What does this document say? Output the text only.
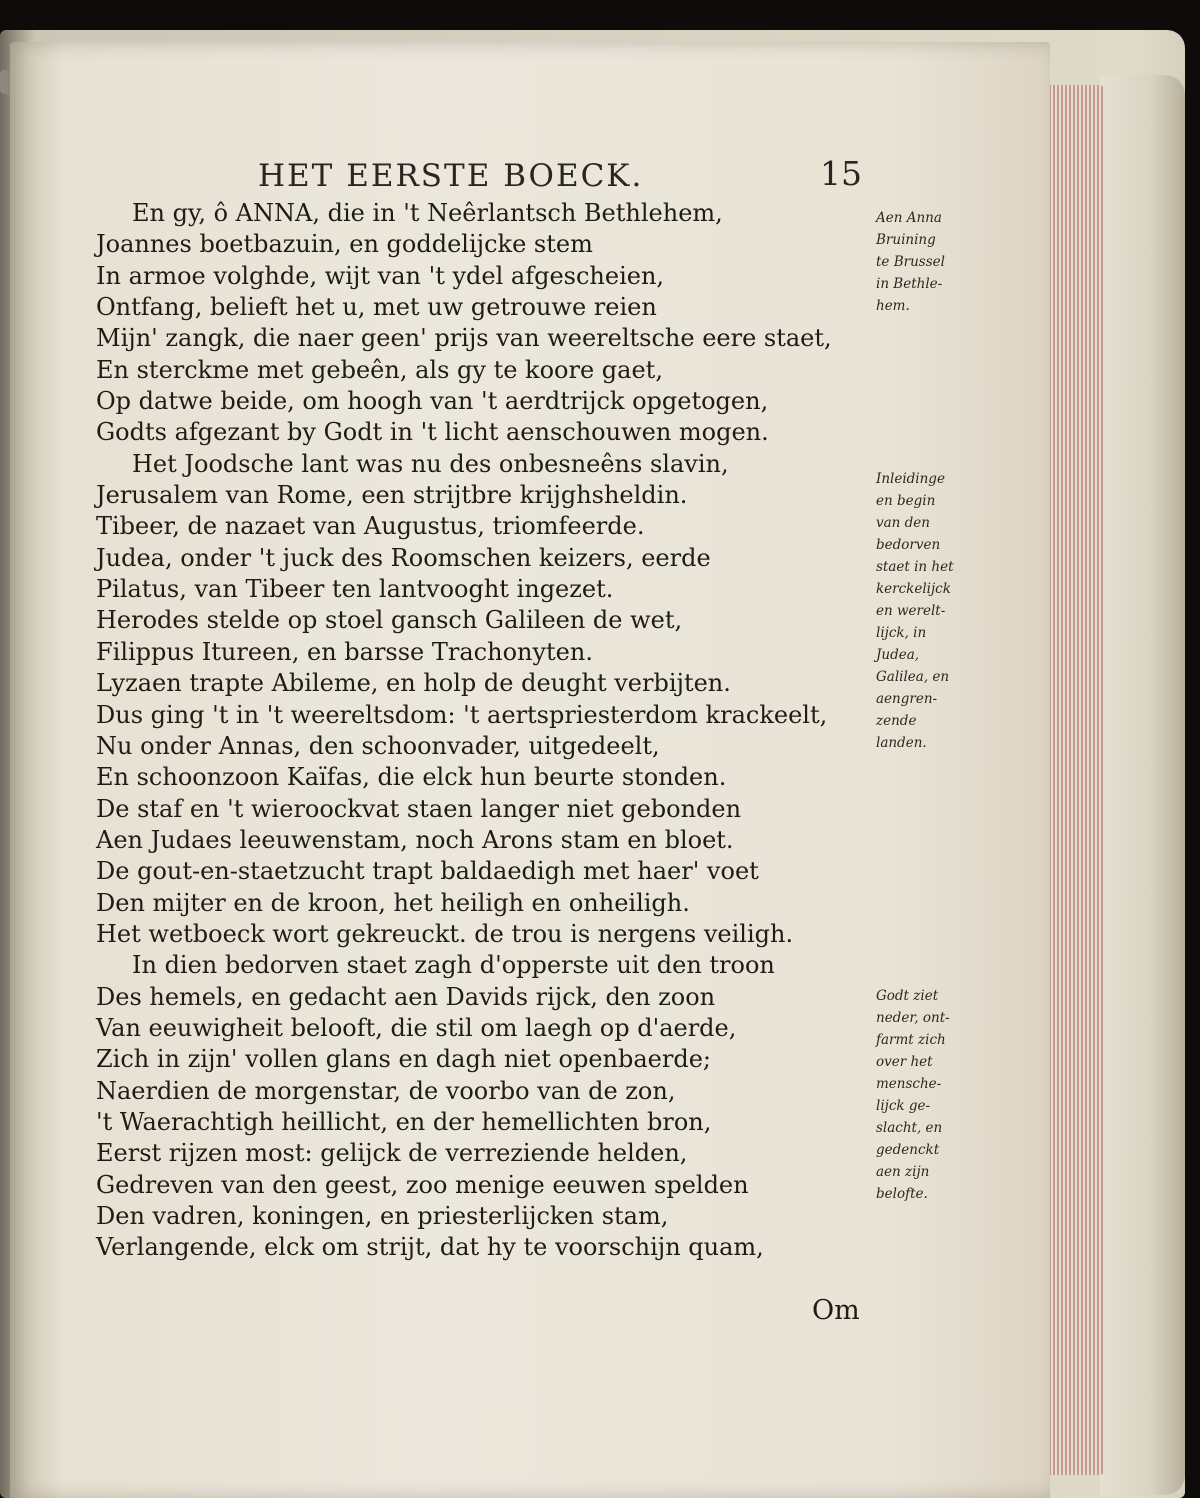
HET EERSTE BOECK.	15
En gy, ô ANNA, die in 't Neêrlantsch Bethlehem,
Joannes boetbazuin, en goddelijcke stem
In armoe volghde, wijt van 't ydel afgescheien,
Ontfang, belieft het u, met uw getrouwe reien
Mijn' zangk, die naer geen' prijs van weereltsche eere staet,
En sterckme met gebeên, als gy te koore gaet,
Op datwe beide, om hoogh van 't aerdtrijck opgetogen,
Godts afgezant by Godt in 't licht aenschouwen mogen.
Het Joodsche lant was nu des onbesneêns slavin,
Jerusalem van Rome, een strijtbre krijghsheldin.
Tibeer, de nazaet van Augustus, triomfeerde.
Judea, onder 't juck des Roomschen keizers, eerde
Pilatus, van Tibeer ten lantvooght ingezet.
Herodes stelde op stoel gansch Galileen de wet,
Filippus Itureen, en barsse Trachonyten.
Lyzaen trapte Abileme, en holp de deught verbijten.
Dus ging 't in 't weereltsdom: 't aertspriesterdom krackeelt,
Nu onder Annas, den schoonvader, uitgedeelt,
En schoonzoon Kaïfas, die elck hun beurte stonden.
De staf en 't wieroockvat staen langer niet gebonden
Aen Judaes leeuwenstam, noch Arons stam en bloet.
De gout-en-staetzucht trapt baldaedigh met haer' voet
Den mijter en de kroon, het heiligh en onheiligh.
Het wetboeck wort gekreuckt. de trou is nergens veiligh.
In dien bedorven staet zagh d'opperste uit den troon
Des hemels, en gedacht aen Davids rijck, den zoon
Van eeuwigheit belooft, die stil om laegh op d'aerde,
Zich in zijn' vollen glans en dagh niet openbaerde;
Naerdien de morgenstar, de voorbo van de zon,
't Waerachtigh heillicht, en der hemellichten bron,
Eerst rijzen most: gelijck de verreziende helden,
Gedreven van den geest, zoo menige eeuwen spelden
Den vadren, koningen, en priesterlijcken stam,
Verlangende, elck om strijt, dat hy te voorschijn quam,
Aen Anna
Bruining
te Brussel
in Bethle-
hem.
Inleidinge
en begin
van den
bedorven
staet in het
kerckelijck
en werelt-
lijck, in
Judea,
Galilea, en
aengren-
zende
landen.
Godt ziet
neder, ont-
farmt zich
over het
mensche-
lijck ge-
slacht, en
gedenckt
aen zijn
belofte.
Om
